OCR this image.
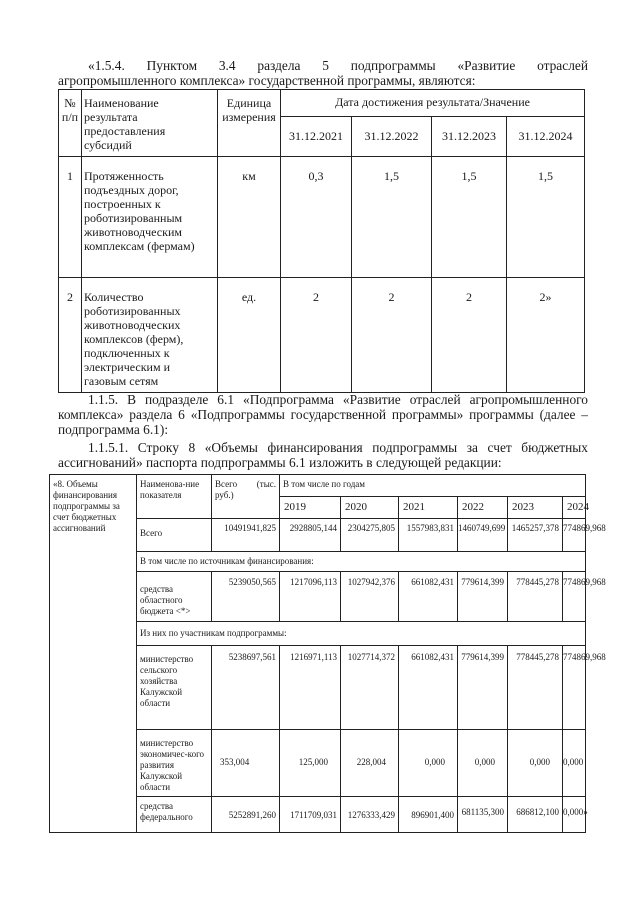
«1.5.4. Пунктом 3.4 раздела 5 подпрограммы «Развитие отраслей
агропромышленного комплекса» государственной программы, являются:
№ п/п	Наименование результата предоставления субсидий	Единица измерения	Дата достижения результата/Значение			
			31.12.2021	31.12.2022	31.12.2023	31.12.2024
1	Протяженность подъездных дорог, построенных к роботизированным животноводческим комплексам (фермам)	км	0,3	1,5	1,5	1,5
2	Количество роботизированных животноводческих комплексов (ферм), подключенных к электрическим и газовым сетям	ед.	2	2	2	2»
1.1.5. В подразделе 6.1 «Подпрограмма «Развитие отраслей агропромышленного
комплекса» раздела 6 «Подпрограммы государственной программы» программы (далее –
подпрограмма 6.1):
1.1.5.1. Строку 8 «Объемы финансирования подпрограммы за счет бюджетных
ассигнований» паспорта подпрограммы 6.1 изложить в следующей редакции:
«8. Объемы финансирования подпрограммы за счет бюджетных ассигнований	Наименова-ние показателя	Всего (тыс. руб.)	В том числе по годам						
			2019	2020	2021	2022	2023	2024	
	Всего	10491941,825	2928805,144	2304275,805	1557983,831	1460749,699	1465257,378	774869,968	
	В том числе по источникам финансирования:								
	средства областного бюджета <*>	5239050,565	1217096,113	1027942,376	661082,431	779614,399	778445,278	774869,968	
	Из них по участникам подпрограммы:								
	министерство сельского хозяйства Калужской области	5238697,561	1216971,113	1027714,372	661082,431	779614,399	778445,278	774869,968	
	министерство экономичес-кого развития Калужской области	353,004	125,000	228,004	0,000	0,000	0,000	0,000	
	средства федерального	5252891,260	1711709,031	1276333,429	896901,400	681135,300	686812,100	0,000»	
